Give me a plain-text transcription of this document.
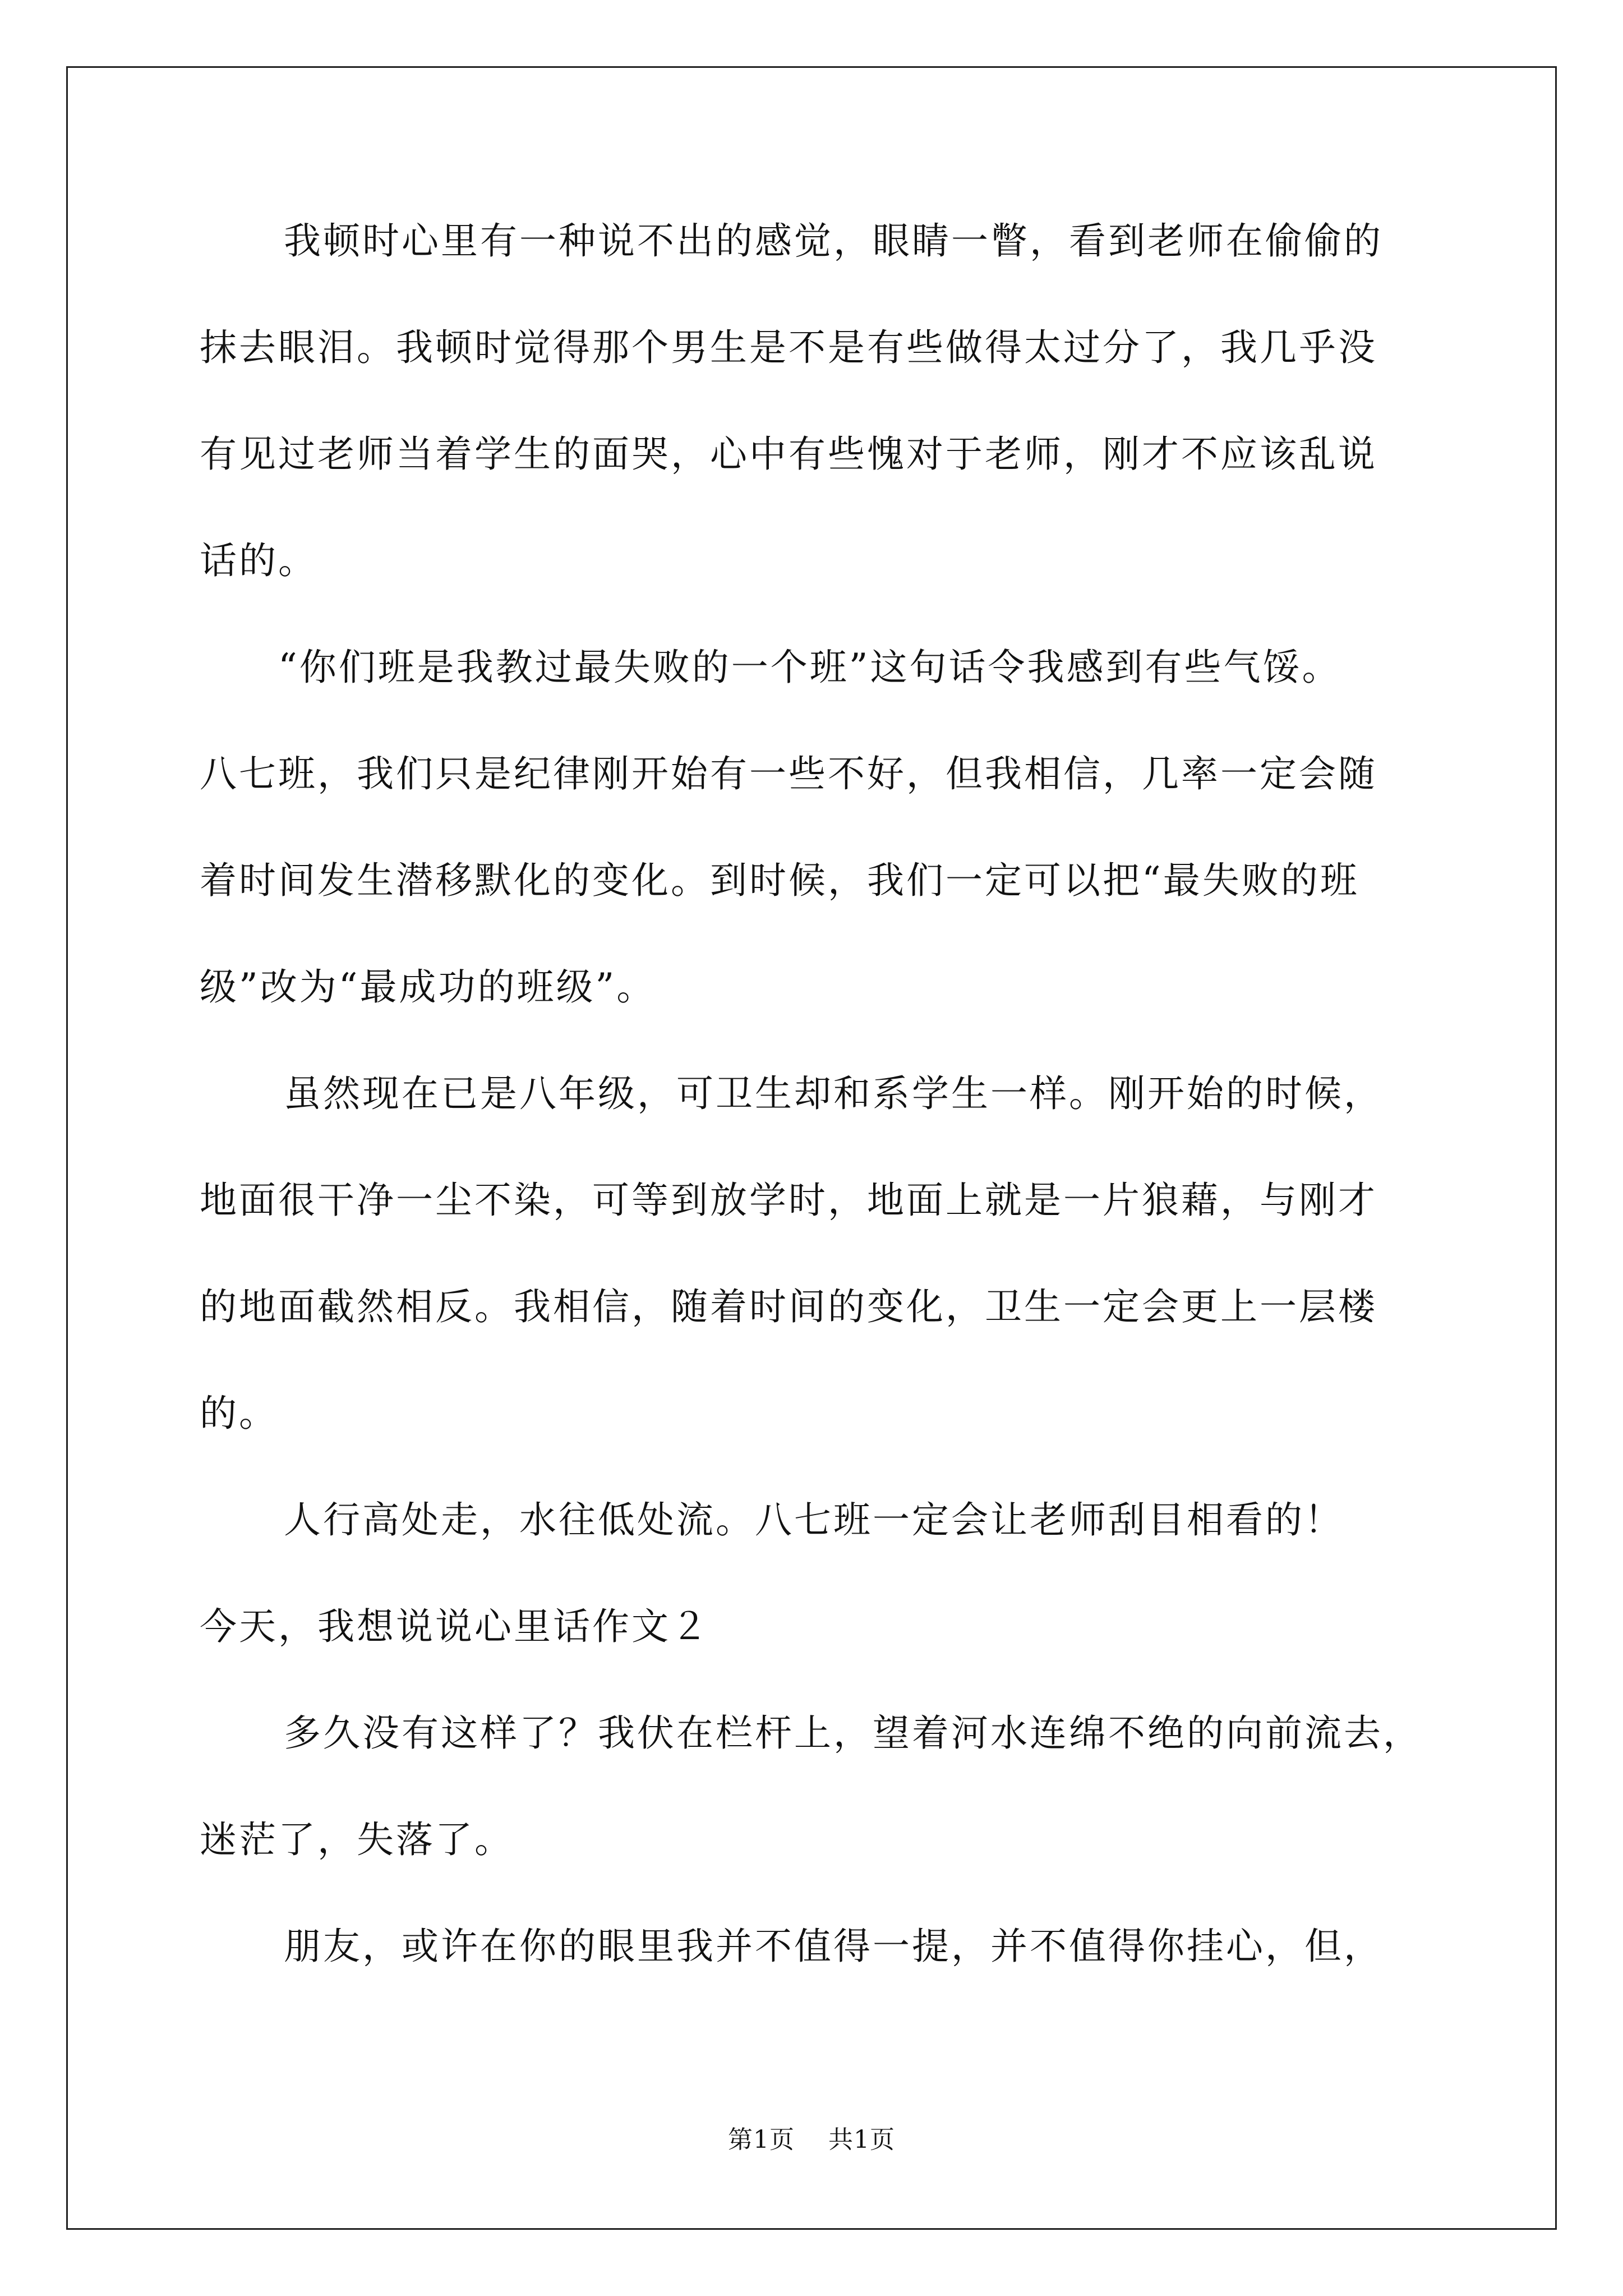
我顿时心里有一种说不出的感觉，眼睛一瞥，看到老师在偷偷的
抹去眼泪。我顿时觉得那个男生是不是有些做得太过分了，我几乎没
有见过老师当着学生的面哭，心中有些愧对于老师，刚才不应该乱说
话的。
“你们班是我教过最失败的一个班”这句话令我感到有些气馁。
八七班，我们只是纪律刚开始有一些不好，但我相信，几率一定会随
着时间发生潜移默化的变化。到时候，我们一定可以把“最失败的班
级”改为“最成功的班级”。
虽然现在已是八年级，可卫生却和系学生一样。刚开始的时候，
地面很干净一尘不染，可等到放学时，地面上就是一片狼藉，与刚才
的地面截然相反。我相信，随着时间的变化，卫生一定会更上一层楼
的。
人行高处走，水往低处流。八七班一定会让老师刮目相看的！
今天，我想说说心里话作文２
多久没有这样了？我伏在栏杆上，望着河水连绵不绝的向前流去，
迷茫了，失落了。
朋友，或许在你的眼里我并不值得一提，并不值得你挂心，但，
第1页 共1页
